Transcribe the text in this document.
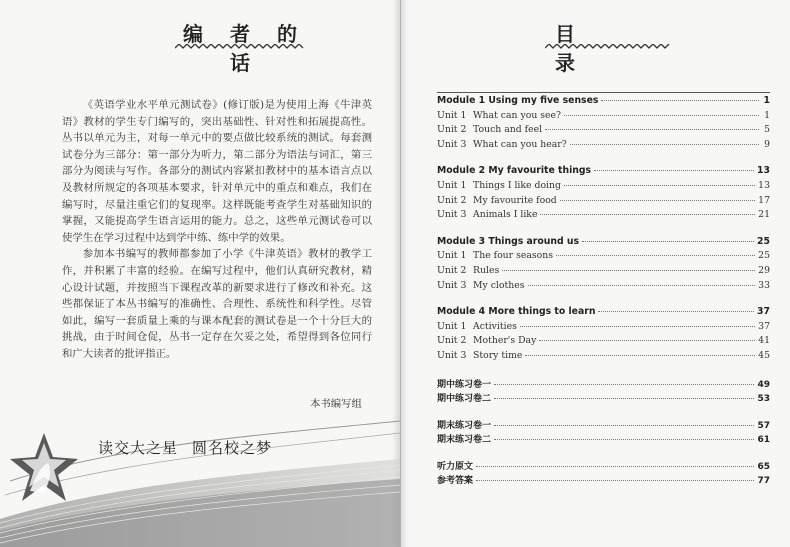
编 者 的 话

《英语学业水平单元测试卷》(修订版)是为使用上海《牛津英语》教材的学生专门编写的，突出基础性、针对性和拓展提高性。丛书以单元为主，对每一单元中的要点做比较系统的测试。每套测试卷分为三部分：第一部分为听力，第二部分为语法与词汇，第三部分为阅读与写作。各部分的测试内容紧扣教材中的基本语言点以及教材所规定的各项基本要求，针对单元中的重点和难点，我们在编写时，尽量注重它们的复现率。这样既能考查学生对基础知识的掌握，又能提高学生语言运用的能力。总之，这些单元测试卷可以使学生在学习过程中达到学中练、练中学的效果。

参加本书编写的教师都参加了小学《牛津英语》教材的教学工作，并积累了丰富的经验。在编写过程中，他们认真研究教材，精心设计试题，并按照当下课程改革的新要求进行了修改和补充。这些都保证了本丛书编写的准确性、合理性、系统性和科学性。尽管如此，编写一套质量上乘的与课本配套的测试卷是一个十分巨大的挑战，由于时间仓促，丛书一定存在欠妥之处，希望得到各位同行和广大读者的批评指正。

本书编写组
读交大之星 圆名校之梦
目 录
Module 1 Using my five senses	1
Unit 1 What can you see?	1
Unit 2 Touch and feel	5
Unit 3 What can you hear?	9
Module 2 My favourite things	13
Unit 1 Things I like doing	13
Unit 2 My favourite food	17
Unit 3 Animals I like	21
Module 3 Things around us	25
Unit 1 The four seasons	25
Unit 2 Rules	29
Unit 3 My clothes	33
Module 4 More things to learn	37
Unit 1 Activities	37
Unit 2 Mother's Day	41
Unit 3 Story time	45
期中练习卷一	49
期中练习卷二	53
期末练习卷一	57
期末练习卷二	61
听力原文	65
参考答案	77
